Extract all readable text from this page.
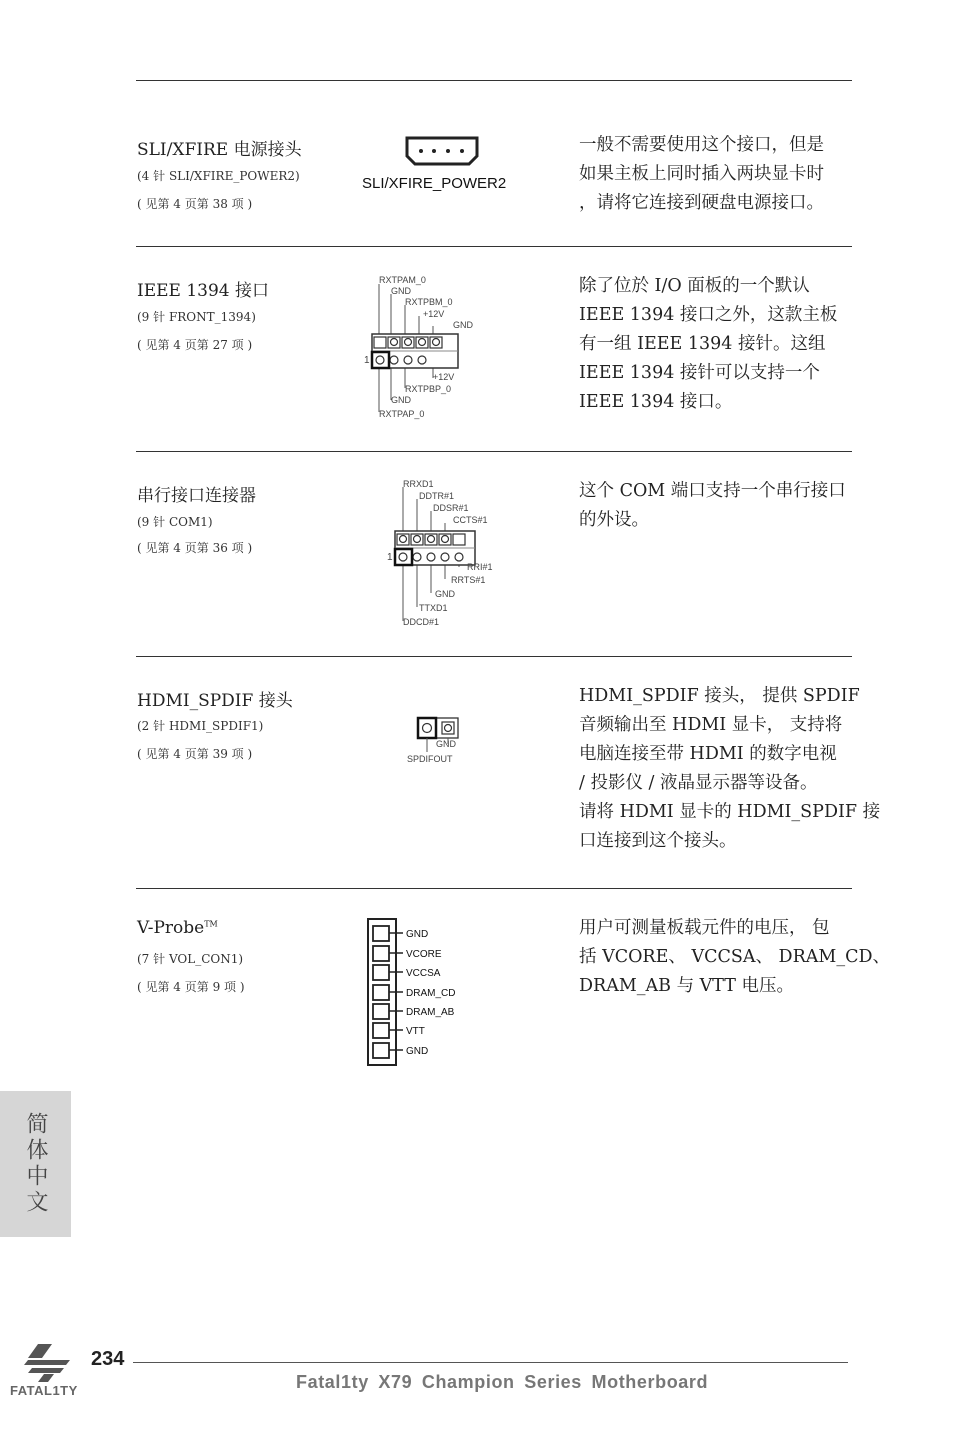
SLI/XFIRE 电源接头
(4 针 SLI/XFIRE_POWER2)
( 见第 4 页第 38 项 )
SLI/XFIRE_POWER2
一般不需要使用这个接口，但是
如果主板上同时插入两块显卡时
，请将它连接到硬盘电源接口。
IEEE 1394 接口
(9 针 FRONT_1394)
( 见第 4 页第 27 项 )
1
RXTPAM_0
GND
RXTPBM_0
+12V
GND
+12V
RXTPBP_0
GND
RXTPAP_0
除了位於 I/O 面板的一个默认
IEEE 1394 接口之外，这款主板
有一组 IEEE 1394 接针。这组
IEEE 1394 接针可以支持一个
IEEE 1394 接口。
串行接口连接器
(9 针 COM1)
( 见第 4 页第 36 项 )
1
RRXD1
DDTR#1
DDSR#1
CCTS#1
RRI#1
RRTS#1
GND
TTXD1
DDCD#1
这个 COM 端口支持一个串行接口
的外设。
HDMI_SPDIF 接头
(2 针 HDMI_SPDIF1)
( 见第 4 页第 39 项 )
GND
SPDIFOUT
HDMI_SPDIF 接头， 提供 SPDIF
音频输出至 HDMI 显卡， 支持将
电脑连接至带 HDMI 的数字电视
/ 投影仪 / 液晶显示器等设备。
请将 HDMI 显卡的 HDMI_SPDIF 接
口连接到这个接头。
V-Probe™
(7 针 VOL_CON1)
( 见第 4 页第 9 项 )
GND
VCORE
VCCSA
DRAM_CD
DRAM_AB
VTT
GND
用户可测量板载元件的电压， 包
括 VCORE、 VCCSA、 DRAM_CD、
DRAM_AB 与 VTT 电压。
简体中文
FATAL1TY
234
Fatal1ty X79 Champion Series Motherboard
